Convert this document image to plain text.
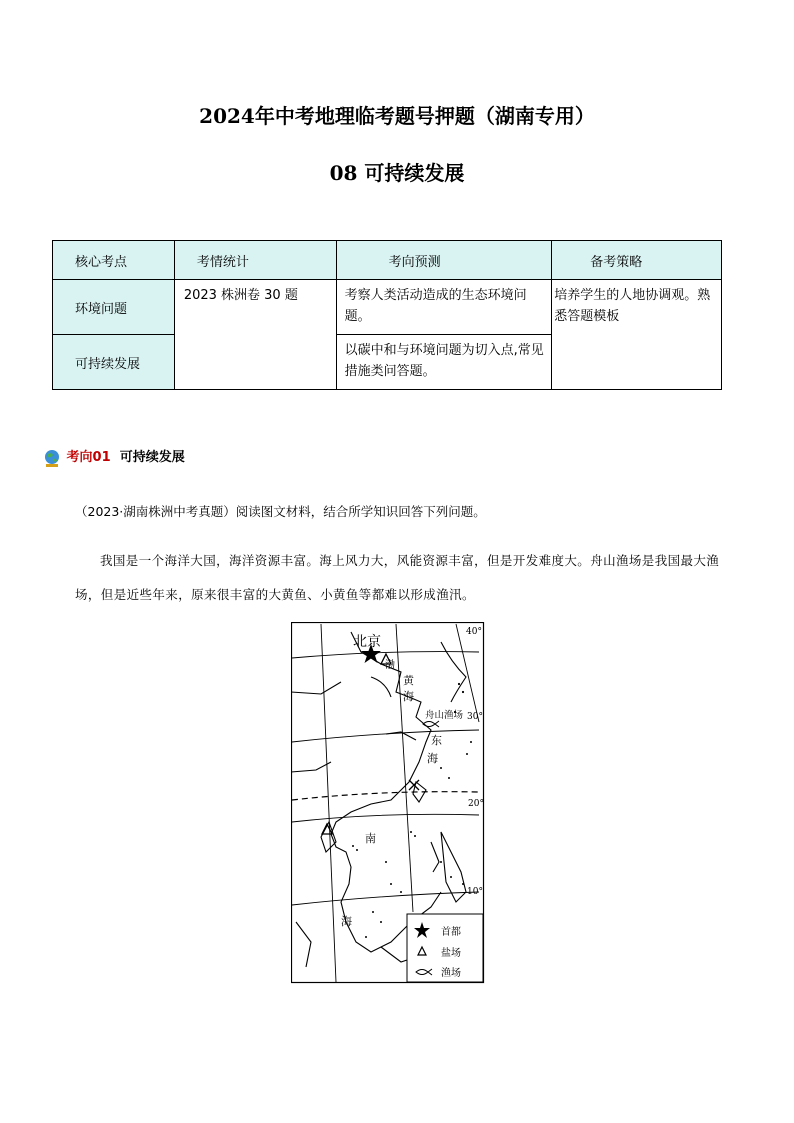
2024年中考地理临考题号押题（湖南专用）
08 可持续发展
核心考点	考情统计	考向预测	备考策略
环境问题	2023 株洲卷 30 题	考察人类活动造成的生态环境问题。	培养学生的人地协调观。熟悉答题模板
可持续发展		以碳中和与环境问题为切入点,常见措施类问答题。	
考向01 可持续发展
（2023·湖南株洲中考真题）阅读图文材料，结合所学知识回答下列问题。
我国是一个海洋大国，海洋资源丰富。海上风力大，风能资源丰富，但是开发难度大。舟山渔场是我国最大渔场，但是近些年来，原来很丰富的大黄鱼、小黄鱼等都难以形成渔汛。
北京
渤
黄
海
舟山渔场
东
海
南
海
40°
30°
20°
10°
首都
盐场
渔场
